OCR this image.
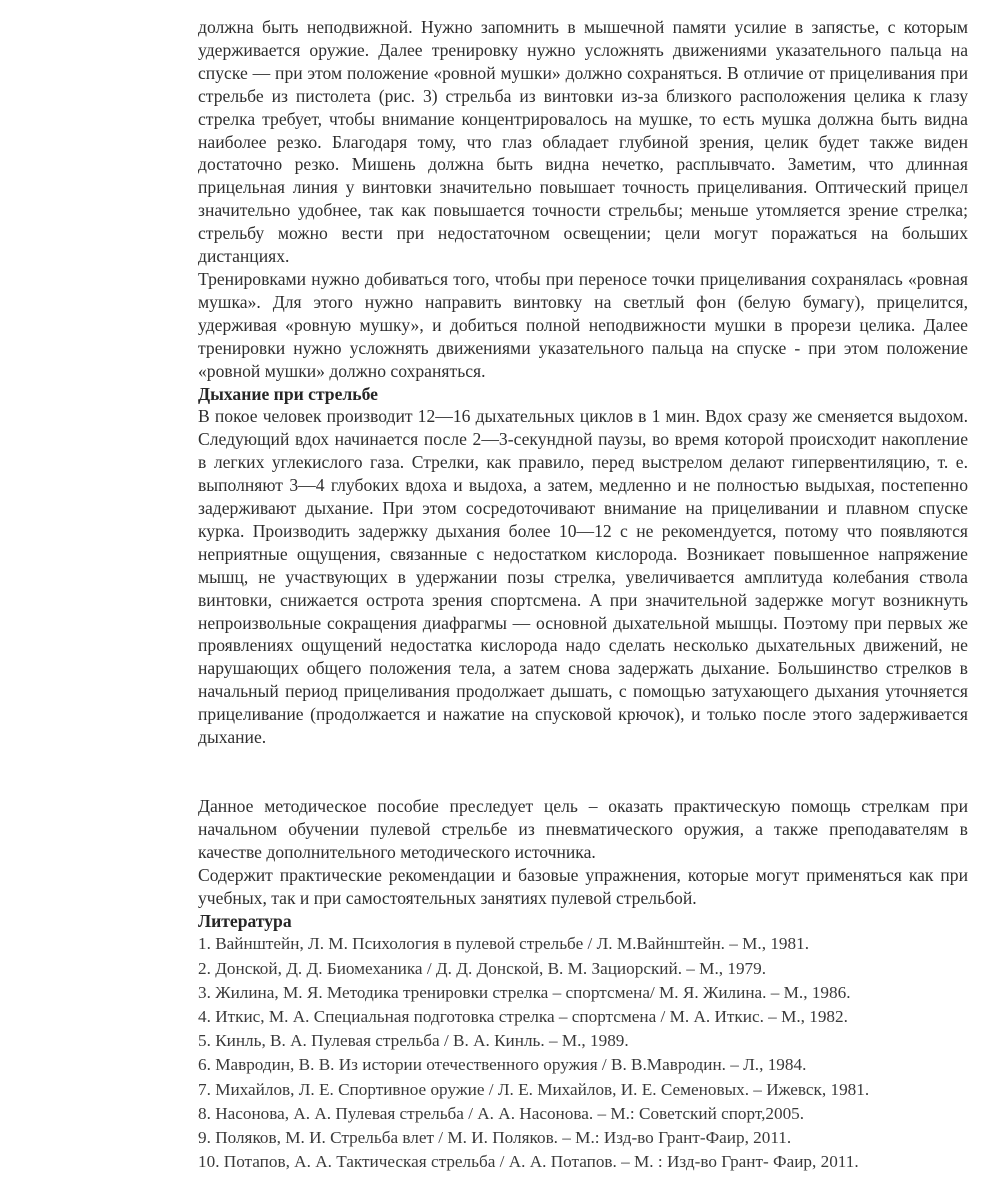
должна быть неподвижной. Нужно запомнить в мышечной памяти усилие в запястье, с которым удерживается оружие. Далее тренировку нужно усложнять движениями указательного пальца на спуске — при этом положение «ровной мушки» должно сохраняться. В отличие от прицеливания при стрельбе из пистолета (рис. 3) стрельба из винтовки из-за близкого расположения целика к глазу стрелка требует, чтобы внимание концентрировалось на мушке, то есть мушка должна быть видна наиболее резко. Благодаря тому, что глаз обладает глубиной зрения, целик будет также виден достаточно резко. Мишень должна быть видна нечетко, расплывчато. Заметим, что длинная прицельная линия у винтовки значительно повышает точность прицеливания. Оптический прицел значительно удобнее, так как повышается точности стрельбы; меньше утомляется зрение стрелка; стрельбу можно вести при недостаточном освещении; цели могут поражаться на больших дистанциях.

Тренировками нужно добиваться того, чтобы при переносе точки прицеливания сохранялась «ровная мушка». Для этого нужно направить винтовку на светлый фон (белую бумагу), прицелится, удерживая «ровную мушку», и добиться полной неподвижности мушки в прорези целика. Далее тренировки нужно усложнять движениями указательного пальца на спуске - при этом положение «ровной мушки» должно сохраняться.

Дыхание при стрельбе

В покое человек производит 12—16 дыхательных циклов в 1 мин. Вдох сразу же сменяется выдохом. Следующий вдох начинается после 2—3-секундной паузы, во время которой происходит накопление в легких углекислого газа. Стрелки, как правило, перед выстрелом делают гипервентиляцию, т. е. выполняют 3—4 глубоких вдоха и выдоха, а затем, медленно и не полностью выдыхая, постепенно задерживают дыхание. При этом сосредоточивают внимание на прицеливании и плавном спуске курка. Производить задержку дыхания более 10—12 с не рекомендуется, потому что появляются неприятные ощущения, связанные с недостатком кислорода. Возникает повышенное напряжение мышц, не участвующих в удержании позы стрелка, увеличивается амплитуда колебания ствола винтовки, снижается острота зрения спортсмена. А при значительной задержке могут возникнуть непроизвольные сокращения диафрагмы — основной дыхательной мышцы. Поэтому при первых же проявлениях ощущений недостатка кислорода надо сделать несколько дыхательных движений, не нарушающих общего положения тела, а затем снова задержать дыхание. Большинство стрелков в начальный период прицеливания продолжает дышать, с помощью затухающего дыхания уточняется прицеливание (продолжается и нажатие на спусковой крючок), и только после этого задерживается дыхание.

Данное методическое пособие преследует цель – оказать практическую помощь стрелкам при начальном обучении пулевой стрельбе из пневматического оружия, а также преподавателям в качестве дополнительного методического источника.

Содержит практические рекомендации и базовые упражнения, которые могут применяться как при учебных, так и при самостоятельных занятиях пулевой стрельбой.

Литература

1. Вайнштейн, Л. М. Психология в пулевой стрельбе / Л. М.Вайнштейн. – М., 1981.
2. Донской, Д. Д. Биомеханика / Д. Д. Донской, В. М. Зациорский. – М., 1979.
3. Жилина, М. Я. Методика тренировки стрелка – спортсмена/ М. Я. Жилина. – М., 1986.
4. Иткис, М. А. Специальная подготовка стрелка – спортсмена / М. А. Иткис. – М., 1982.
5. Кинль, В. А. Пулевая стрельба / В. А. Кинль. – М., 1989.
6. Мавродин, В. В. Из истории отечественного оружия / В. В.Мавродин. – Л., 1984.
7. Михайлов, Л. Е. Спортивное оружие / Л. Е. Михайлов, И. Е. Семеновых. – Ижевск, 1981.
8. Насонова, А. А. Пулевая стрельба / А. А. Насонова. – М.: Советский спорт,2005.
9. Поляков, М. И. Стрельба влет / М. И. Поляков. – М.: Изд-во Грант-Фаир, 2011.
10. Потапов, А. А. Тактическая стрельба / А. А. Потапов. – М. : Изд-во Грант- Фаир, 2011.
